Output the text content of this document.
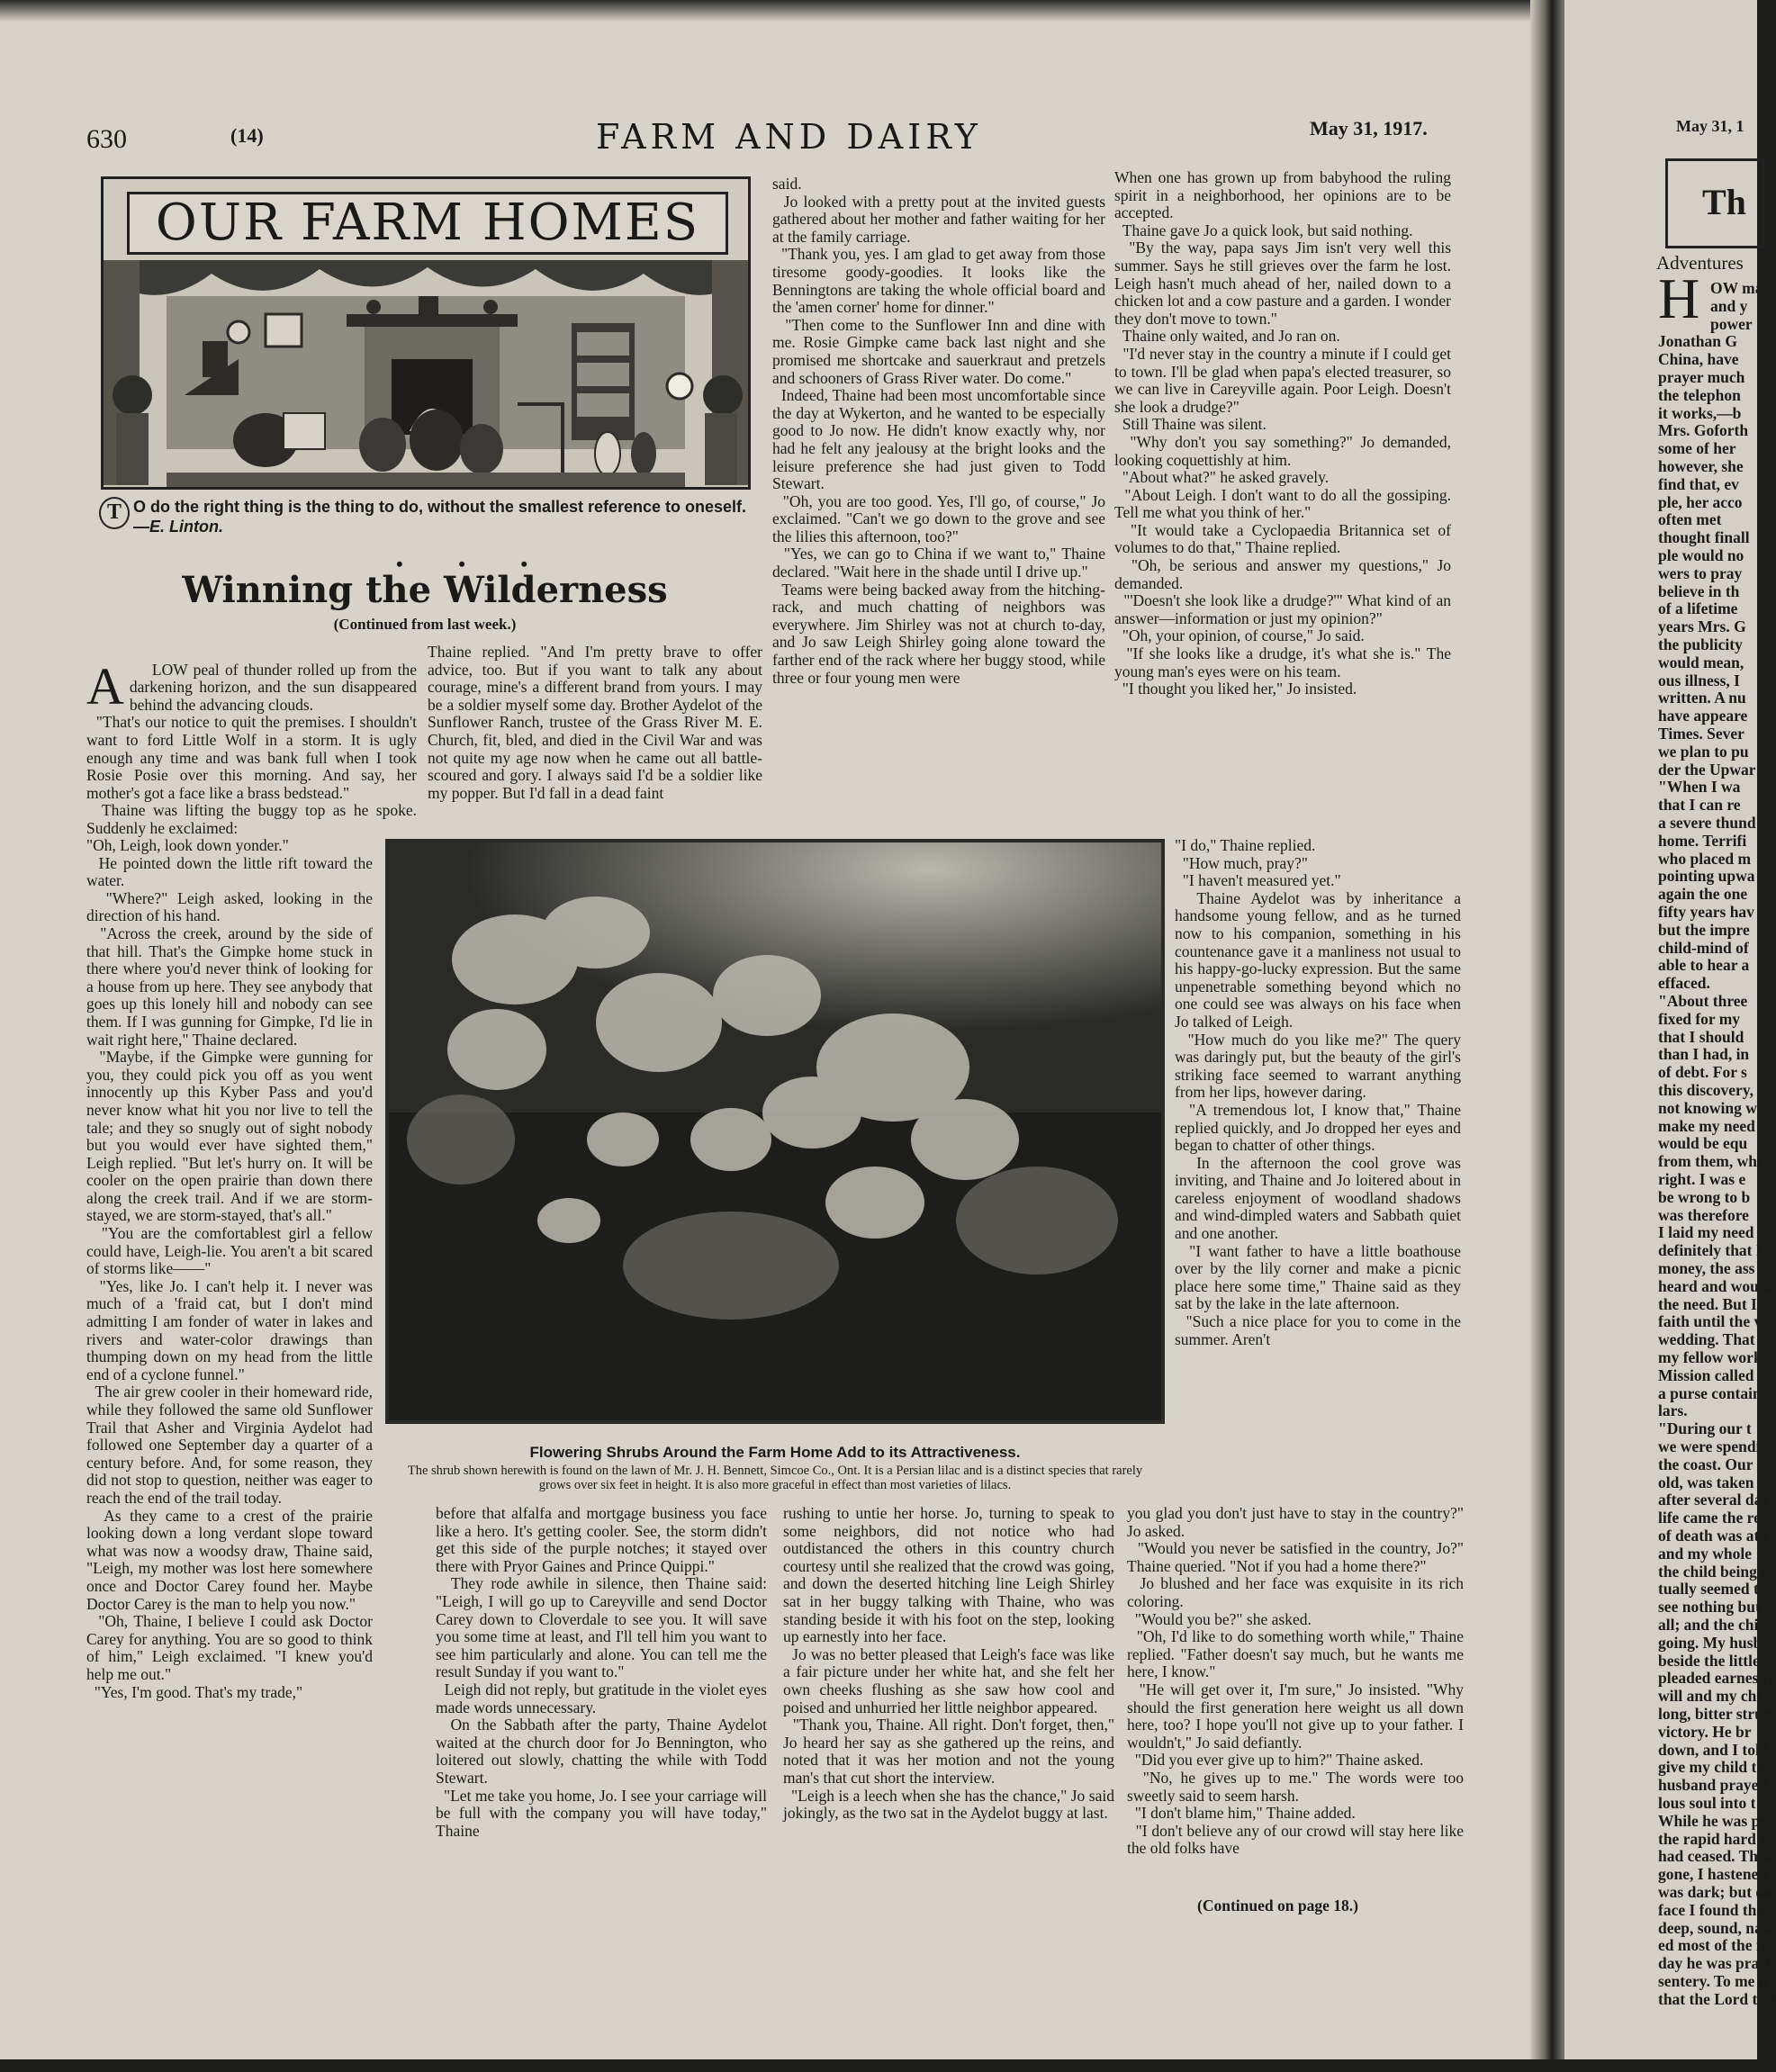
630	(14)	FARM AND DAIRY	May 31, 1917.
OUR FARM HOMES
T O do the right thing is the thing to do, without the smallest reference to oneself.—E. Linton.
• • •
Winning the Wilderness
(Continued from last week.)

A LOW peal of thunder rolled up from the darkening horizon, and the sun disappeared behind the advancing clouds.
"That's our notice to quit the premises. I shouldn't want to ford Little Wolf in a storm. It is ugly enough any time and was bank full when I took Rosie Posie over this morning. And say, her mother's got a face like a brass bedstead."
Thaine was lifting the buggy top as he spoke. Suddenly he exclaimed:

"Oh, Leigh, look down yonder."
He pointed down the little rift toward the water.
"Where?" Leigh asked, looking in the direction of his hand.
"Across the creek, around by the side of that hill. That's the Gimpke home stuck in there where you'd never think of looking for a house from up here. They see anybody that goes up this lonely hill and nobody can see them. If I was gunning for Gimpke, I'd lie in wait right here," Thaine declared.
"Maybe, if the Gimpke were gunning for you, they could pick you off as you went innocently up this Kyber Pass and you'd never know what hit you nor live to tell the tale; and they so snugly out of sight nobody but you would ever have sighted them," Leigh replied. "But let's hurry on. It will be cooler on the open prairie than down there along the creek trail. And if we are storm-stayed, we are storm-stayed, that's all."
"You are the comfortablest girl a fellow could have, Leigh-lie. You aren't a bit scared of storms like——"
"Yes, like Jo. I can't help it. I never was much of a 'fraid cat, but I don't mind admitting I am fonder of water in lakes and rivers and water-color drawings than thumping down on my head from the little end of a cyclone funnel."
The air grew cooler in their homeward ride, while they followed the same old Sunflower Trail that Asher and Virginia Aydelot had followed one September day a quarter of a century before. And, for some reason, they did not stop to question, neither was eager to reach the end of the trail today.
As they came to a crest of the prairie looking down a long verdant slope toward what was now a woodsy draw, Thaine said, "Leigh, my mother was lost here somewhere once and Doctor Carey found her. Maybe Doctor Carey is the man to help you now."
"Oh, Thaine, I believe I could ask Doctor Carey for anything. You are so good to think of him," Leigh exclaimed. "I knew you'd help me out."
"Yes, I'm good. That's my trade,"
Thaine replied. "And I'm pretty brave to offer advice, too. But if you want to talk any about courage, mine's a different brand from yours. I may be a soldier myself some day. Brother Aydelot of the Sunflower Ranch, trustee of the Grass River M. E. Church, fit, bled, and died in the Civil War and was not quite my age now when he came out all battle-scoured and gory. I always said I'd be a soldier like my popper. But I'd fall in a dead faint
before that alfalfa and mortgage business you face like a hero. It's getting cooler. See, the storm didn't get this side of the purple notches; it stayed over there with Pryor Gaines and Prince Quippi."
They rode awhile in silence, then Thaine said: "Leigh, I will go up to Careyville and send Doctor Carey down to Cloverdale to see you. It will save you some time at least, and I'll tell him you want to see him particularly and alone. You can tell me the result Sunday if you want to."
Leigh did not reply, but gratitude in the violet eyes made words unnecessary.
On the Sabbath after the party, Thaine Aydelot waited at the church door for Jo Bennington, who loitered out slowly, chatting the while with Todd Stewart.
"Let me take you home, Jo. I see your carriage will be full with the company you will have today," Thaine
said.
Jo looked with a pretty pout at the invited guests gathered about her mother and father waiting for her at the family carriage.
"Thank you, yes. I am glad to get away from those tiresome goody-goodies. It looks like the Benningtons are taking the whole official board and the 'amen corner' home for dinner."
"Then come to the Sunflower Inn and dine with me. Rosie Gimpke came back last night and she promised me shortcake and sauerkraut and pretzels and schooners of Grass River water. Do come."
Indeed, Thaine had been most uncomfortable since the day at Wykerton, and he wanted to be especially good to Jo now. He didn't know exactly why, nor had he felt any jealousy at the bright looks and the leisure preference she had just given to Todd Stewart.
"Oh, you are too good. Yes, I'll go, of course," Jo exclaimed. "Can't we go down to the grove and see the lilies this afternoon, too?"
"Yes, we can go to China if we want to," Thaine declared. "Wait here in the shade until I drive up."
Teams were being backed away from the hitching-rack, and much chatting of neighbors was everywhere. Jim Shirley was not at church to-day, and Jo saw Leigh Shirley going alone toward the farther end of the rack where her buggy stood, while three or four young men were
rushing to untie her horse. Jo, turning to speak to some neighbors, did not notice who had outdistanced the others in this country church courtesy until she realized that the crowd was going, and down the deserted hitching line Leigh Shirley sat in her buggy talking with Thaine, who was standing beside it with his foot on the step, looking up earnestly into her face.
Jo was no better pleased that Leigh's face was like a fair picture under her white hat, and she felt her own cheeks flushing as she saw how cool and poised and unhurried her little neighbor appeared.
"Thank you, Thaine. All right. Don't forget, then," Jo heard her say as she gathered up the reins, and noted that it was her motion and not the young man's that cut short the interview.
"Leigh is a leech when she has the chance," Jo said jokingly, as the two sat in the Aydelot buggy at last.
When one has grown up from babyhood the ruling spirit in a neighborhood, her opinions are to be accepted.
Thaine gave Jo a quick look, but said nothing.
"By the way, papa says Jim isn't very well this summer. Says he still grieves over the farm he lost. Leigh hasn't much ahead of her, nailed down to a chicken lot and a cow pasture and a garden. I wonder they don't move to town."
Thaine only waited, and Jo ran on.
"I'd never stay in the country a minute if I could get to town. I'll be glad when papa's elected treasurer, so we can live in Careyville again. Poor Leigh. Doesn't she look a drudge?"
Still Thaine was silent.
"Why don't you say something?" Jo demanded, looking coquettishly at him.
"About what?" he asked gravely.
"About Leigh. I don't want to do all the gossiping. Tell me what you think of her."
"It would take a Cyclopaedia Britannica set of volumes to do that," Thaine replied.
"Oh, be serious and answer my questions," Jo demanded.
"'Doesn't she look like a drudge?'" What kind of an answer—information or just my opinion?"
"Oh, your opinion, of course," Jo said.
"If she looks like a drudge, it's what she is." The young man's eyes were on his team.
"I thought you liked her," Jo insisted.
"I do," Thaine replied.
"How much, pray?"
"I haven't measured yet."
Thaine Aydelot was by inheritance a handsome young fellow, and as he turned now to his companion, something in his countenance gave it a manliness not usual to his happy-go-lucky expression. But the same unpenetrable something beyond which no one could see was always on his face when Jo talked of Leigh.
"How much do you like me?" The query was daringly put, but the beauty of the girl's striking face seemed to warrant anything from her lips, however daring.
"A tremendous lot, I know that," Thaine replied quickly, and Jo dropped her eyes and began to chatter of other things.
In the afternoon the cool grove was inviting, and Thaine and Jo loitered about in careless enjoyment of woodland shadows and wind-dimpled waters and Sabbath quiet and one another.
"I want father to have a little boathouse over by the lily corner and make a picnic place here some time," Thaine said as they sat by the lake in the late afternoon.
"Such a nice place for you to come in the summer. Aren't
you glad you don't just have to stay in the country?" Jo asked.
"Would you never be satisfied in the country, Jo?" Thaine queried. "Not if you had a home there?"
Jo blushed and her face was exquisite in its rich coloring.
"Would you be?" she asked.
"Oh, I'd like to do something worth while," Thaine replied. "Father doesn't say much, but he wants me here, I know."
"He will get over it, I'm sure," Jo insisted. "Why should the first generation here weight us all down here, too? I hope you'll not give up to your father. I wouldn't," Jo said defiantly.
"Did you ever give up to him?" Thaine asked.
"No, he gives up to me." The words were too sweetly said to seem harsh.
"I don't blame him," Thaine added.
"I don't believe any of our crowd will stay here like the old folks have
(Continued on page 18.)
Flowering Shrubs Around the Farm Home Add to its Attractiveness.
The shrub shown herewith is found on the lawn of Mr. J. H. Bennett, Simcoe Co., Ont. It is a Persian lilac and is a distinct species that rarely grows over six feet in height. It is also more graceful in effect than most varieties of lilacs.
May 31, 1
Th
Adventures
H OW ma
and y
power
Jonathan G
China, have
prayer much
the telephon
it works,—b
Mrs. Goforth
some of her
however, she
find that, ev
ple, her acco
often met
thought finall
ple would no
wers to pray
believe in th
of a lifetime
years Mrs. G
the publicity
would mean,
ous illness, I
written. A nu
have appeare
Times. Sever
we plan to pu
der the Upwar
"When I wa
that I can re
a severe thund
home. Terrifi
who placed m
pointing upwa
again the one
fifty years hav
but the impre
child-mind of
able to hear a
effaced.
"About three
fixed for my
that I should
than I had, in
of debt. For s
this discovery,
not knowing w
make my need
would be equ
from them, whi
right. I was e
be wrong to b
was therefore
I laid my need
definitely that I
money, the ass
heard and would
the need. But I
faith until the v
wedding. That
my fellow work
Mission called a
a purse contain
lars.
"During our t
we were spendi
the coast. Our
old, was taken v
after several day
life came the rea
of death was at t
and my whole
the child being t
tually seemed t
see nothing but
all; and the chi
going. My husba
beside the little
pleaded earnestly
will and my chi
long, bitter strug
victory. He br
down, and I told
give my child to
husband prayed,
lous soul into t
While he was pr
the rapid hard b
had ceased. Thin
gone, I hastened
was dark; but on
face I found that
deep, sound, natu
ed most of the n
day he was pract
sentery. To me it
that the Lord test
